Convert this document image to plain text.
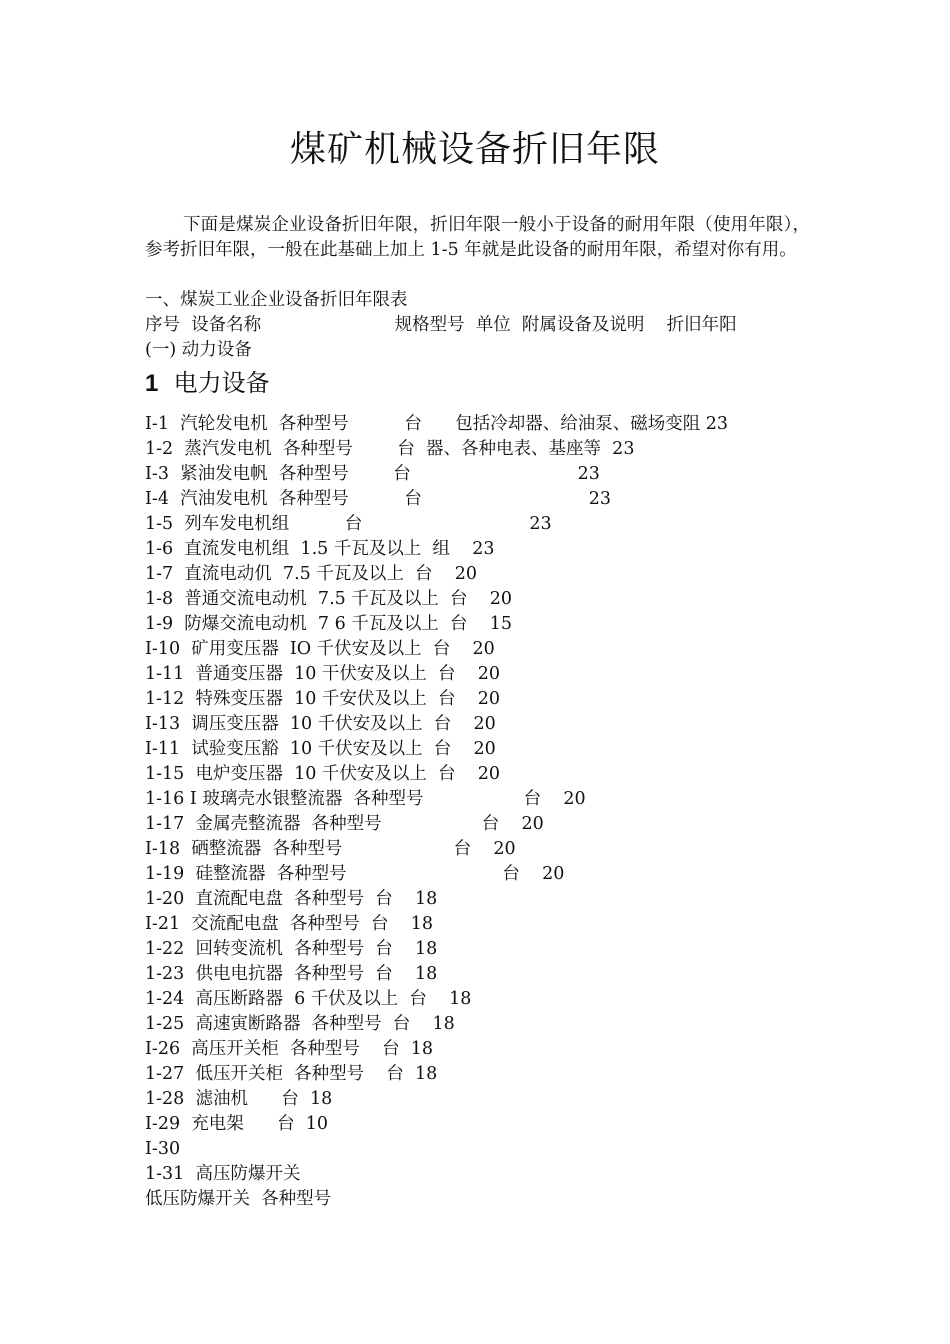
煤矿机械设备折旧年限
下面是煤炭企业设备折旧年限，折旧年限一般小于设备的耐用年限（使用年限），参考折旧年限，一般在此基础上加上 1-5 年就是此设备的耐用年限，希望对你有用。
一、煤炭工业企业设备折旧年限表
序号  设备名称                        规格型号  单位  附属设备及说明    折旧年阳
(一) 动力设备
1 电力设备
I-1  汽轮发电机  各种型号          台      包括冷却器、给油泵、磁场变阻 23
1-2  蒸汽发电机  各种型号        台  器、各种电表、基座等  23
I-3  紧油发电帆  各种型号        台                              23
I-4  汽油发电机  各种型号          台                              23
1-5  列车发电机组          台                              23
1-6  直流发电机组  1.5 千瓦及以上  组    23
1-7  直流电动仉  7.5 千瓦及以上  台    20
1-8  普通交流电动机  7.5 千瓦及以上  台    20
1-9  防爆交流电动机  7 6 千瓦及以上  台    15
I-10  矿用变压器  IO 千伏安及以上  台    20
1-11  普通变压器  10 干伏安及以上  台    20
1-12  特殊变压器  10 千安伏及以上  台    20
I-13  调压变压器  10 千伏安及以上  台    20
I-11  试验变压豁  10 千伏安及以上  台    20
1-15  电炉变压器  10 千伏安及以上  台    20
1-16 I 玻璃壳水银整流器  各种型号                  台    20
1-17  金属壳整流器  各种型号                  台    20
I-18  硒整流器  各种型号                    台    20
1-19  硅整流器  各种型号                            台    20
1-20  直流配电盘  各种型号  台    18
I-21  交流配电盘  各种型号  台    18
1-22  回转变流机  各种型号  台    18
1-23  供电电抗器  各种型号  台    18
1-24  高压断路器  6 千伏及以上  台    18
1-25  高速寅断路器  各种型号  台    18
I-26  高压开关柜  各种型号    台  18
1-27  低压开关柜  各种型号    台  18
1-28  滤油机      台  18
I-29  充电架      台  10
I-30
1-31  高压防爆开关
低压防爆开关  各种型号
